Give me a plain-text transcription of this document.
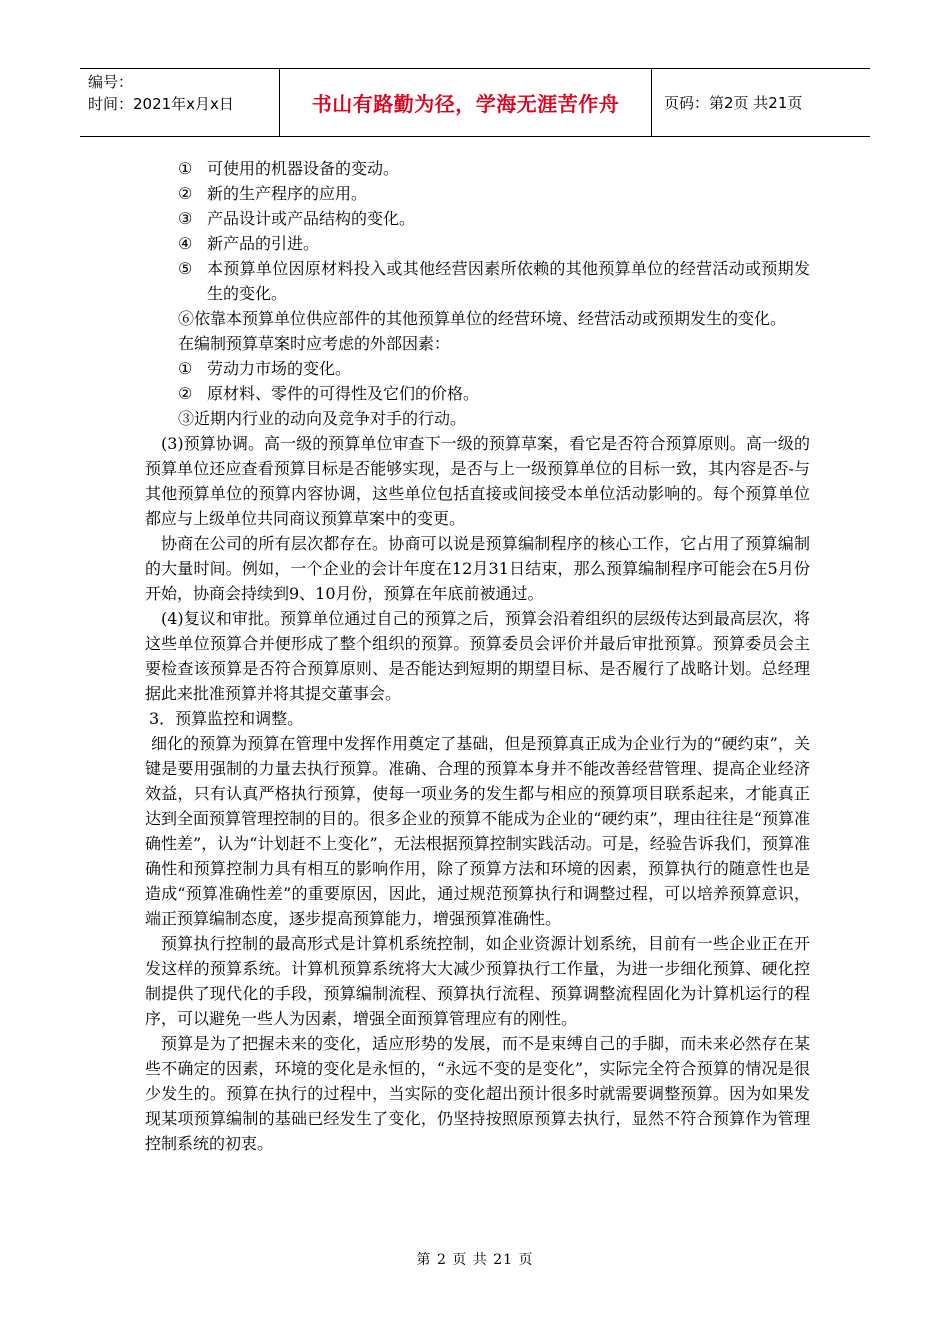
编号：
时间：2021年x月x日	书山有路勤为径，学海无涯苦作舟	页码：第2页 共21页

① 可使用的机器设备的变动。

② 新的生产程序的应用。

③ 产品设计或产品结构的变化。

④ 新产品的引进。

⑤ 本预算单位因原材料投入或其他经营因素所依赖的其他预算单位的经营活动或预期发生的变化。

⑥依靠本预算单位供应部件的其他预算单位的经营环境、经营活动或预期发生的变化。

在编制预算草案时应考虑的外部因素：

① 劳动力市场的变化。

② 原材料、零件的可得性及它们的价格。

③近期内行业的动向及竞争对手的行动。

(3)预算协调。高一级的预算单位审查下一级的预算草案，看它是否符合预算原则。高一级的预算单位还应查看预算目标是否能够实现，是否与上一级预算单位的目标一致，其内容是否-与其他预算单位的预算内容协调，这些单位包括直接或间接受本单位活动影响的。每个预算单位都应与上级单位共同商议预算草案中的变更。

协商在公司的所有层次都存在。协商可以说是预算编制程序的核心工作，它占用了预算编制的大量时间。例如，一个企业的会计年度在12月31日结束，那么预算编制程序可能会在5月份开始，协商会持续到9、10月份，预算在年底前被通过。

(4)复议和审批。预算单位通过自己的预算之后，预算会沿着组织的层级传达到最高层次，将这些单位预算合并便形成了整个组织的预算。预算委员会评价并最后审批预算。预算委员会主要检查该预算是否符合预算原则、是否能达到短期的期望目标、是否履行了战略计划。总经理据此来批准预算并将其提交董事会。

3．预算监控和调整。

细化的预算为预算在管理中发挥作用奠定了基础，但是预算真正成为企业行为的“硬约束”，关键是要用强制的力量去执行预算。准确、合理的预算本身并不能改善经营管理、提高企业经济效益，只有认真严格执行预算，使每一项业务的发生都与相应的预算项目联系起来，才能真正达到全面预算管理控制的目的。很多企业的预算不能成为企业的“硬约束”，理由往往是“预算准确性差”，认为“计划赶不上变化”，无法根据预算控制实践活动。可是，经验告诉我们，预算准确性和预算控制力具有相互的影响作用，除了预算方法和环境的因素，预算执行的随意性也是造成“预算准确性差”的重要原因，因此，通过规范预算执行和调整过程，可以培养预算意识，端正预算编制态度，逐步提高预算能力，增强预算准确性。

预算执行控制的最高形式是计算机系统控制，如企业资源计划系统，目前有一些企业正在开发这样的预算系统。计算机预算系统将大大减少预算执行工作量，为进一步细化预算、硬化控制提供了现代化的手段，预算编制流程、预算执行流程、预算调整流程固化为计算机运行的程序，可以避免一些人为因素，增强全面预算管理应有的刚性。

预算是为了把握未来的变化，适应形势的发展，而不是束缚自己的手脚，而未来必然存在某些不确定的因素，环境的变化是永恒的，“永远不变的是变化”，实际完全符合预算的情况是很少发生的。预算在执行的过程中，当实际的变化超出预计很多时就需要调整预算。因为如果发现某项预算编制的基础已经发生了变化，仍坚持按照原预算去执行，显然不符合预算作为管理控制系统的初衷。

第 2 页 共 21 页
